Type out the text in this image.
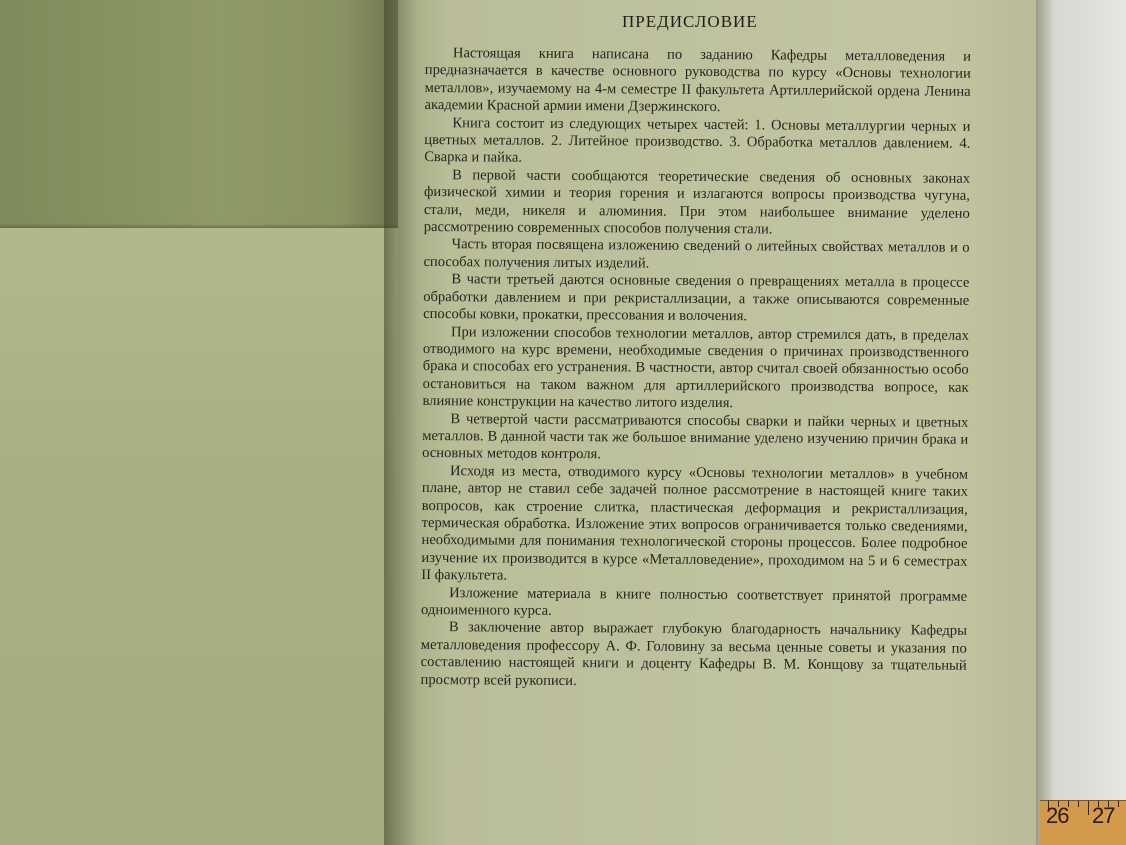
26 27
ПРЕДИСЛОВИЕ

Настоящая книга написана по заданию Кафедры металловедения и предназначается в качестве основного руководства по курсу «Основы технологии металлов», изучаемому на 4-м семестре II факультета Артиллерийской ордена Ленина академии Красной армии имени Дзержинского.

Книга состоит из следующих четырех частей: 1. Основы металлургии черных и цветных металлов. 2. Литейное производство. 3. Обработка металлов давлением. 4. Сварка и пайка.

В первой части сообщаются теоретические сведения об основных законах физической химии и теория горения и излагаются вопросы производства чугуна, стали, меди, никеля и алюминия. При этом наибольшее внимание уделено рассмотрению современных способов получения стали.

Часть вторая посвящена изложению сведений о литейных свойствах металлов и о способах получения литых изделий.

В части третьей даются основные сведения о превращениях металла в процессе обработки давлением и при рекристаллизации, а также описываются современные способы ковки, прокатки, прессования и волочения.

При изложении способов технологии металлов, автор стремился дать, в пределах отводимого на курс времени, необходимые сведения о причинах производственного брака и способах его устранения. В частности, автор считал своей обязанностью особо остановиться на таком важном для артиллерийского производства вопросе, как влияние конструкции на качество литого изделия.

В четвертой части рассматриваются способы сварки и пайки черных и цветных металлов. В данной части так же большое внимание уделено изучению причин брака и основных методов контроля.

Исходя из места, отводимого курсу «Основы технологии металлов» в учебном плане, автор не ставил себе задачей полное рассмотрение в настоящей книге таких вопросов, как строение слитка, пластическая деформация и рекристаллизация, термическая обработка. Изложение этих вопросов ограничивается только сведениями, необходимыми для понимания технологической стороны процессов. Более подробное изучение их производится в курсе «Металловедение», проходимом на 5 и 6 семестрах II факультета.

Изложение материала в книге полностью соответствует принятой программе одноименного курса.

В заключение автор выражает глубокую благодарность начальнику Кафедры металловедения профессору А. Ф. Головину за весьма ценные советы и указания по составлению настоящей книги и доценту Кафедры В. М. Конщову за тщательный просмотр всей рукописи.
